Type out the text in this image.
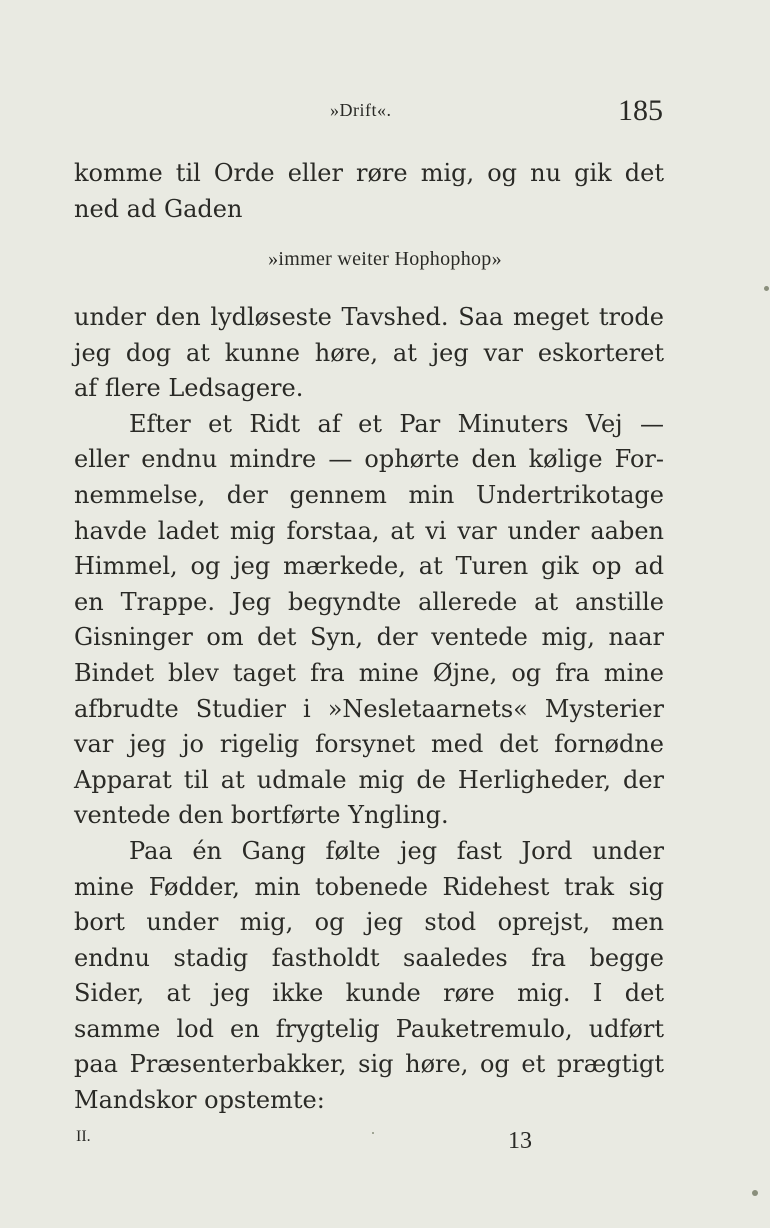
»Drift«.	185
komme til Orde eller røre mig, og nu gik det
ned ad Gaden
»immer weiter Hophophop»
under den lydløseste Tavshed. Saa meget trode
jeg dog at kunne høre, at jeg var eskorteret
af flere Ledsagere.
Efter et Ridt af et Par Minuters Vej —
eller endnu mindre — ophørte den kølige For-
nemmelse, der gennem min Undertrikotage
havde ladet mig forstaa, at vi var under aaben
Himmel, og jeg mærkede, at Turen gik op ad
en Trappe. Jeg begyndte allerede at anstille
Gisninger om det Syn, der ventede mig, naar
Bindet blev taget fra mine Øjne, og fra mine
afbrudte Studier i »Nesletaarnets« Mysterier
var jeg jo rigelig forsynet med det fornødne
Apparat til at udmale mig de Herligheder, der
ventede den bortførte Yngling.
Paa én Gang følte jeg fast Jord under
mine Fødder, min tobenede Ridehest trak sig
bort under mig, og jeg stod oprejst, men
endnu stadig fastholdt saaledes fra begge
Sider, at jeg ikke kunde røre mig. I det
samme lod en frygtelig Pauketremulo, udført
paa Præsenterbakker, sig høre, og et prægtigt
Mandskor opstemte:
II.	13
